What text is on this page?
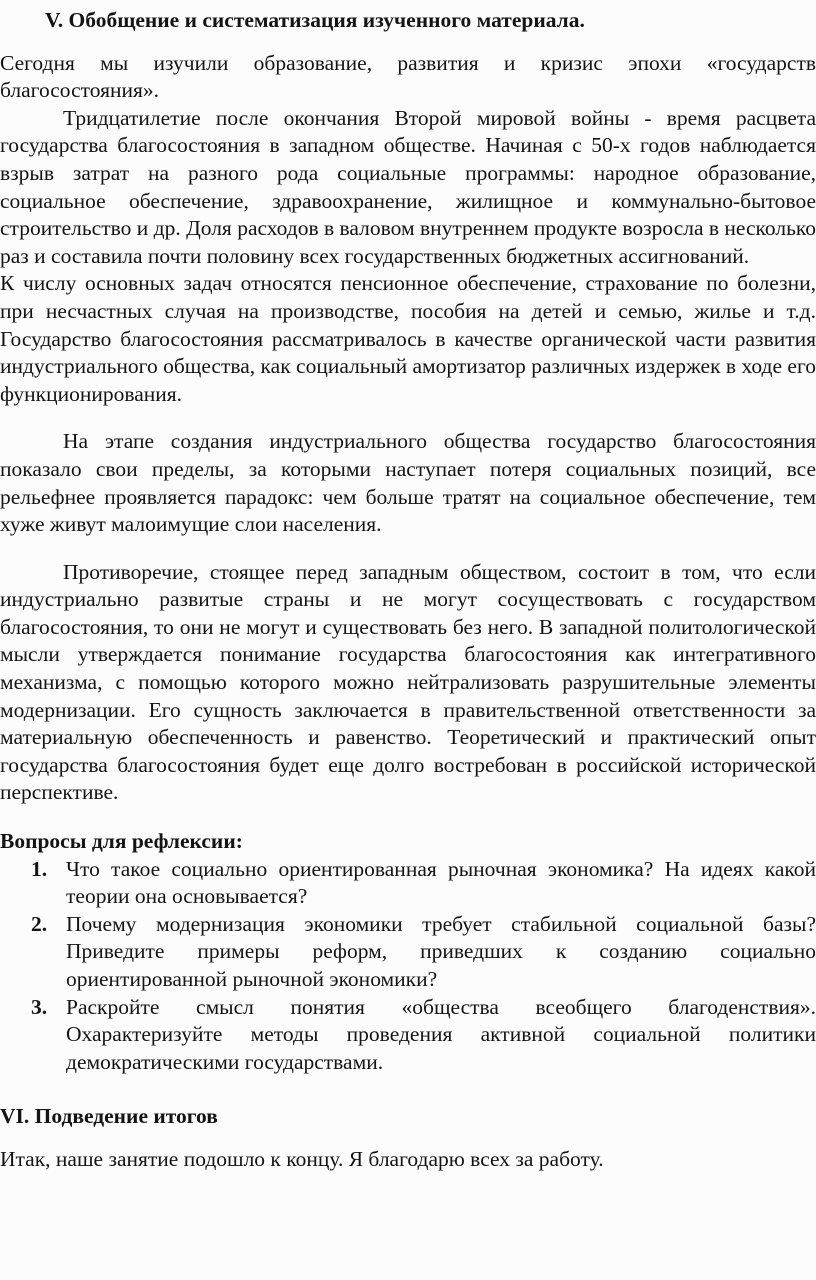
V. Обобщение и систематизация изученного материала.

Сегодня мы изучили образование, развития и кризис эпохи «государств благосостояния».

Тридцатилетие после окончания Второй мировой войны - время расцвета государства благосостояния в западном обществе. Начиная с 50-х годов наблюдается взрыв затрат на разного рода социальные программы: народное образование, социальное обеспечение, здравоохранение, жилищное и коммунально-бытовое строительство и др. Доля расходов в валовом внутреннем продукте возросла в несколько раз и составила почти половину всех государственных бюджетных ассигнований.

К числу основных задач относятся пенсионное обеспечение, страхование по болезни, при несчастных случая на производстве, пособия на детей и семью, жилье и т.д. Государство благосостояния рассматривалось в качестве органической части развития индустриального общества, как социальный амортизатор различных издержек в ходе его функционирования.

На этапе создания индустриального общества государство благосостояния показало свои пределы, за которыми наступает потеря социальных позиций, все рельефнее проявляется парадокс: чем больше тратят на социальное обеспечение, тем хуже живут малоимущие слои населения.

Противоречие, стоящее перед западным обществом, состоит в том, что если индустриально развитые страны и не могут сосуществовать с государством благосостояния, то они не могут и существовать без него. В западной политологической мысли утверждается понимание государства благосостояния как интегративного механизма, с помощью которого можно нейтрализовать разрушительные элементы модернизации. Его сущность заключается в правительственной ответственности за материальную обеспеченность и равенство. Теоретический и практический опыт государства благосостояния будет еще долго востребован в российской исторической перспективе.

Вопросы для рефлексии:
1. Что такое социально ориентированная рыночная экономика? На идеях какой теории она основывается?
2. Почему модернизация экономики требует стабильной социальной базы? Приведите примеры реформ, приведших к созданию социально ориентированной рыночной экономики?
3. Раскройте смысл понятия «общества всеобщего благоденствия». Охарактеризуйте методы проведения активной социальной политики демократическими государствами.
VI. Подведение итогов

Итак, наше занятие подошло к концу. Я благодарю всех за работу.
